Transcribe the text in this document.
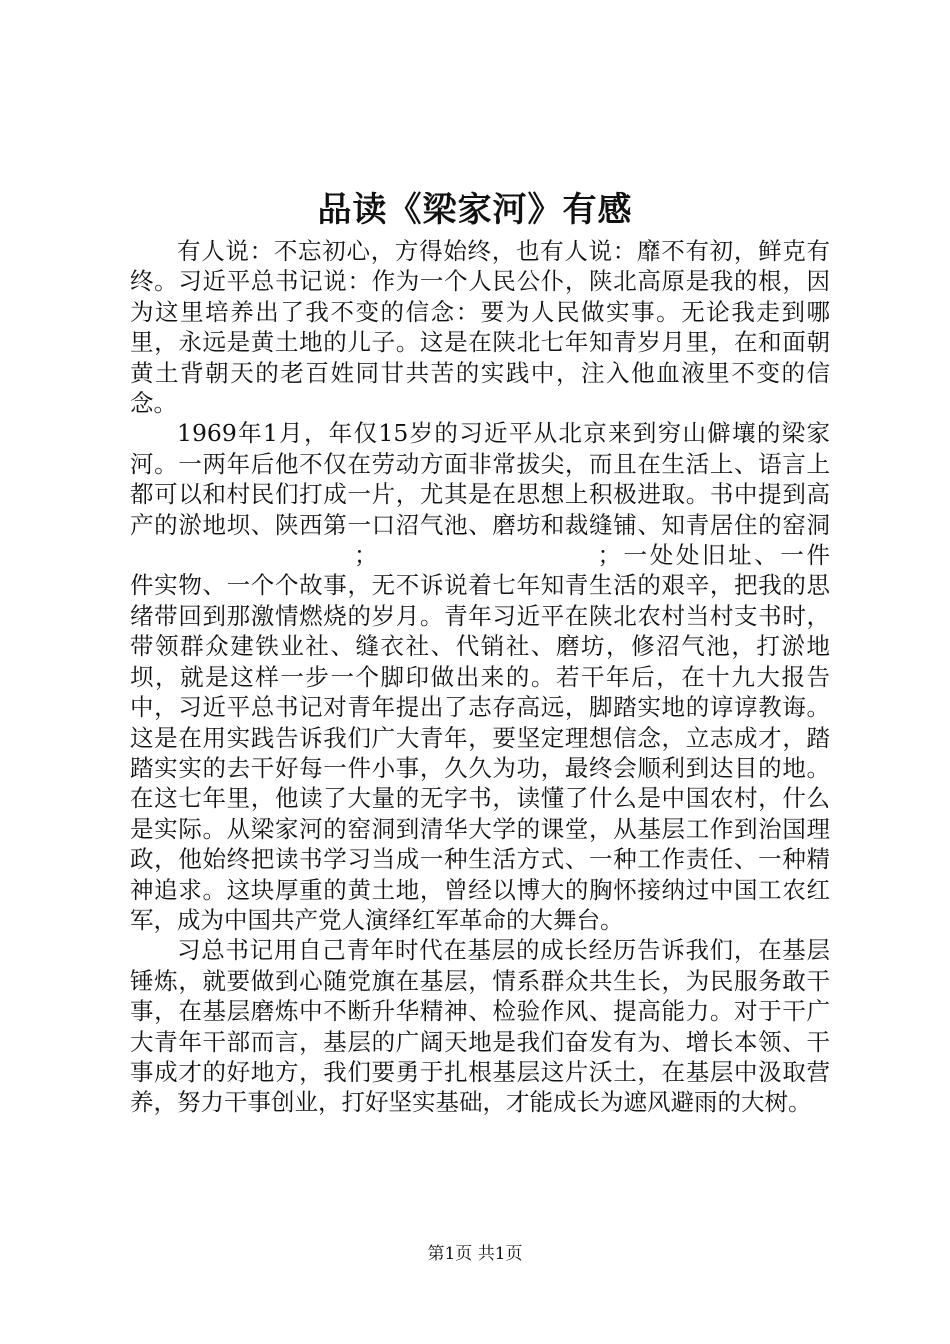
品读《梁家河》有感

有人说：不忘初心，方得始终，也有人说：靡不有初，鲜克有终。习近平总书记说：作为一个人民公仆，陕北高原是我的根，因为这里培养出了我不变的信念：要为人民做实事。无论我走到哪里，永远是黄土地的儿子。这是在陕北七年知青岁月里，在和面朝黄土背朝天的老百姓同甘共苦的实践中，注入他血液里不变的信念。

1969年1月，年仅15岁的习近平从北京来到穷山僻壤的梁家河。一两年后他不仅在劳动方面非常拔尖，而且在生活上、语言上都可以和村民们打成一片，尤其是在思想上积极进取。书中提到高产的淤地坝、陕西第一口沼气池、磨坊和裁缝铺、知青居住的窑洞；	；一处处旧址、一件件实物、一个个故事，无不诉说着七年知青生活的艰辛，把我的思绪带回到那激情燃烧的岁月。青年习近平在陕北农村当村支书时，带领群众建铁业社、缝衣社、代销社、磨坊，修沼气池，打淤地坝，就是这样一步一个脚印做出来的。若干年后，在十九大报告中，习近平总书记对青年提出了志存高远，脚踏实地的谆谆教诲。这是在用实践告诉我们广大青年，要坚定理想信念，立志成才，踏踏实实的去干好每一件小事，久久为功，最终会顺利到达目的地。在这七年里，他读了大量的无字书，读懂了什么是中国农村，什么是实际。从梁家河的窑洞到清华大学的课堂，从基层工作到治国理政，他始终把读书学习当成一种生活方式、一种工作责任、一种精神追求。这块厚重的黄土地，曾经以博大的胸怀接纳过中国工农红军，成为中国共产党人演绎红军革命的大舞台。

习总书记用自己青年时代在基层的成长经历告诉我们，在基层锤炼，就要做到心随党旗在基层，情系群众共生长，为民服务敢干事，在基层磨炼中不断升华精神、检验作风、提高能力。对于干广大青年干部而言，基层的广阔天地是我们奋发有为、增长本领、干事成才的好地方，我们要勇于扎根基层这片沃土，在基层中汲取营养，努力干事创业，打好坚实基础，才能成长为遮风避雨的大树。

第1页 共1页
